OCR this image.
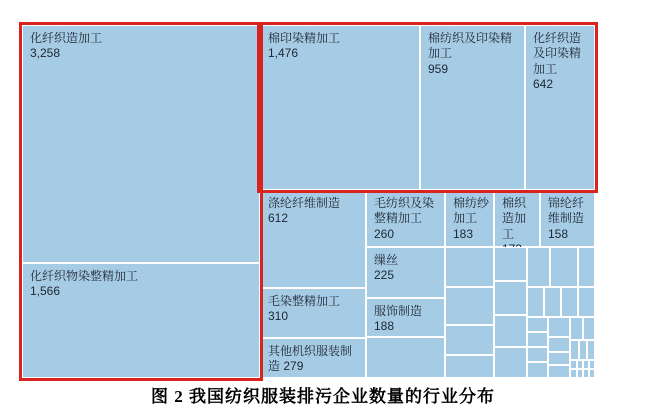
化纤织造加工
3,258
化纤织物染整精加工
1,566
棉印染精加工
1,476
棉纺织及印染精加工
959
化纤织造及印染精加工
642
涤纶纤维制造
612
毛染整精加工
310
其他机织服装制造 279
毛纺织及染整精加工
260
缫丝
225
服饰制造
188
棉纺纱加工
183
棉织造加工
锦纶纤维制造
158
图 2 我国纺织服装排污企业数量的行业分布
